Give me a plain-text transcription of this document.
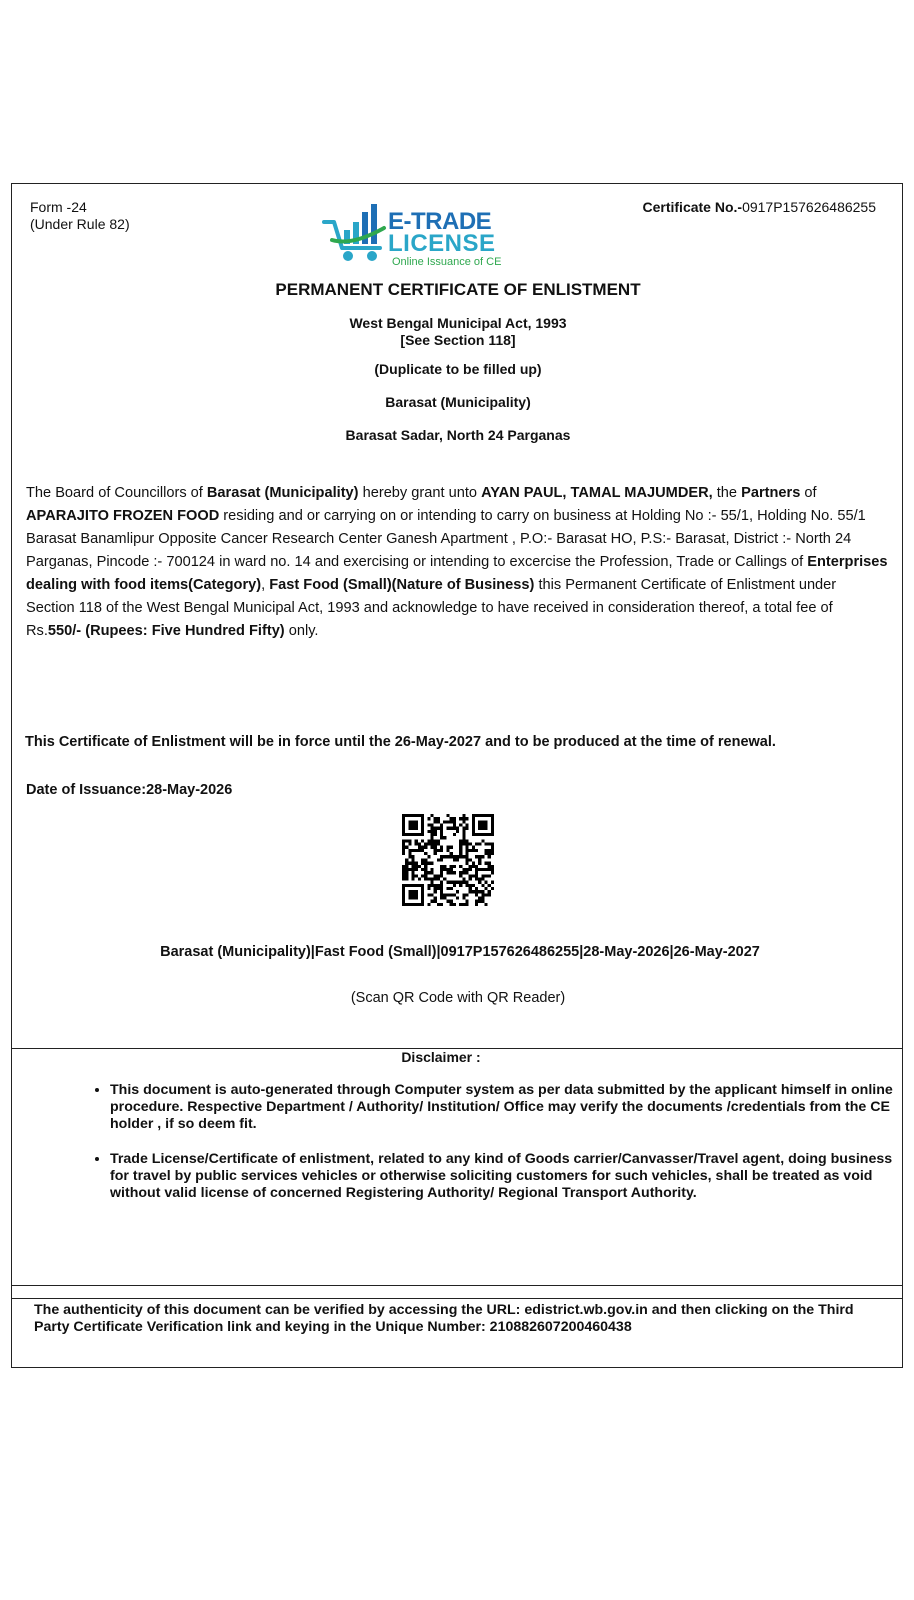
Form -24
(Under Rule 82)
Certificate No.-0917P157626486255
E-TRADE
LICENSE
Online Issuance of CE
PERMANENT CERTIFICATE OF ENLISTMENT
West Bengal Municipal Act, 1993
[See Section 118]
(Duplicate to be filled up)
Barasat (Municipality)
Barasat Sadar, North 24 Parganas
The Board of Councillors of Barasat (Municipality) hereby grant unto AYAN PAUL, TAMAL MAJUMDER, the Partners of APARAJITO FROZEN FOOD residing and or carrying on or intending to carry on business at Holding No :- 55/1, Holding No. 55/1 Barasat Banamlipur Opposite Cancer Research Center Ganesh Apartment , P.O:- Barasat HO, P.S:- Barasat, District :- North 24 Parganas, Pincode :- 700124 in ward no. 14 and exercising or intending to excercise the Profession, Trade or Callings of Enterprises dealing with food items(Category), Fast Food (Small)(Nature of Business) this Permanent Certificate of Enlistment under Section 118 of the West Bengal Municipal Act, 1993 and acknowledge to have received in consideration thereof, a total fee of Rs.550/- (Rupees: Five Hundred Fifty) only.
This Certificate of Enlistment will be in force until the 26-May-2027 and to be produced at the time of renewal.
Date of Issuance:28-May-2026
Barasat (Municipality)|Fast Food (Small)|0917P157626486255|28-May-2026|26-May-2027
(Scan QR Code with QR Reader)
Disclaimer :
• This document is auto-generated through Computer system as per data submitted by the applicant himself in online procedure. Respective Department / Authority/ Institution/ Office may verify the documents /credentials from the CE holder , if so deem fit.
• Trade License/Certificate of enlistment, related to any kind of Goods carrier/Canvasser/Travel agent, doing business for travel by public services vehicles or otherwise soliciting customers for such vehicles, shall be treated as void without valid license of concerned Registering Authority/ Regional Transport Authority.
The authenticity of this document can be verified by accessing the URL: edistrict.wb.gov.in and then clicking on the Third Party Certificate Verification link and keying in the Unique Number: 210882607200460438
